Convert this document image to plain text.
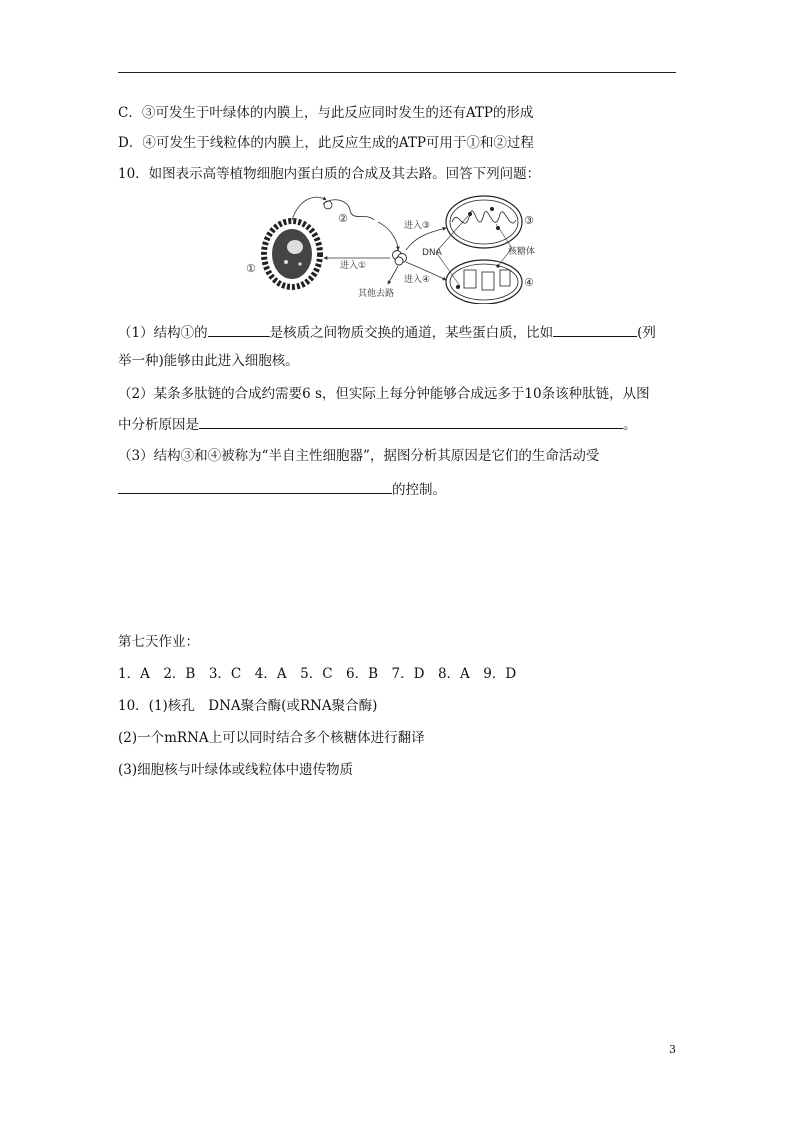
C．③可发生于叶绿体的内膜上，与此反应同时发生的还有ATP的形成
D．④可发生于线粒体的内膜上，此反应生成的ATP可用于①和②过程
10．如图表示高等植物细胞内蛋白质的合成及其去路。回答下列问题：
①
②	③
④
进入①
进入③
进入④
DNA	核糖体
其他去路
（1）结构①的	是核质之间物质交换的通道，某些蛋白质，比如	(列
举一种)能够由此进入细胞核。
（2）某条多肽链的合成约需要6 s，但实际上每分钟能够合成远多于10条该种肽链，从图
中分析原因是	。
（3）结构③和④被称为“半自主性细胞器”，据图分析其原因是它们的生命活动受
的控制。
第七天作业：
1．A　2．B　3．C　4．A　5．C　6．B　7．D　8．A　9．D
10．(1)核孔　DNA聚合酶(或RNA聚合酶)
(2)一个mRNA上可以同时结合多个核糖体进行翻译
(3)细胞核与叶绿体或线粒体中遗传物质
3
